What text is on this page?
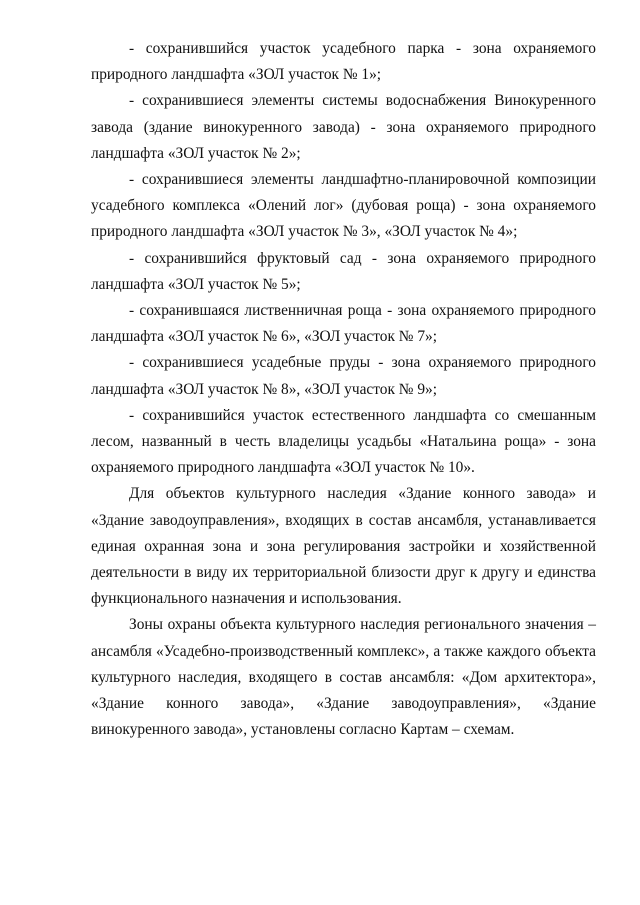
- сохранившийся участок усадебного парка - зона охраняемого природного ландшафта «ЗОЛ участок № 1»;

- сохранившиеся элементы системы водоснабжения Винокуренного завода (здание винокуренного завода) - зона охраняемого природного ландшафта «ЗОЛ участок № 2»;

- сохранившиеся элементы ландшафтно-планировочной композиции усадебного комплекса «Олений лог» (дубовая роща) - зона охраняемого природного ландшафта «ЗОЛ участок № 3», «ЗОЛ участок № 4»;

- сохранившийся фруктовый сад - зона охраняемого природного ландшафта «ЗОЛ участок № 5»;

- сохранившаяся лиственничная роща - зона охраняемого природного ландшафта «ЗОЛ участок № 6», «ЗОЛ участок № 7»;

- сохранившиеся усадебные пруды - зона охраняемого природного ландшафта «ЗОЛ участок № 8», «ЗОЛ участок № 9»;

- сохранившийся участок естественного ландшафта со смешанным лесом, названный в честь владелицы усадьбы «Натальина роща» - зона охраняемого природного ландшафта «ЗОЛ участок № 10».

Для объектов культурного наследия «Здание конного завода» и «Здание заводоуправления», входящих в состав ансамбля, устанавливается единая охранная зона и зона регулирования застройки и хозяйственной деятельности в виду их территориальной близости друг к другу и единства функционального назначения и использования.

Зоны охраны объекта культурного наследия регионального значения – ансамбля «Усадебно-производственный комплекс», а также каждого объекта культурного наследия, входящего в состав ансамбля: «Дом архитектора», «Здание конного завода», «Здание заводоуправления», «Здание винокуренного завода», установлены согласно Картам – схемам.
